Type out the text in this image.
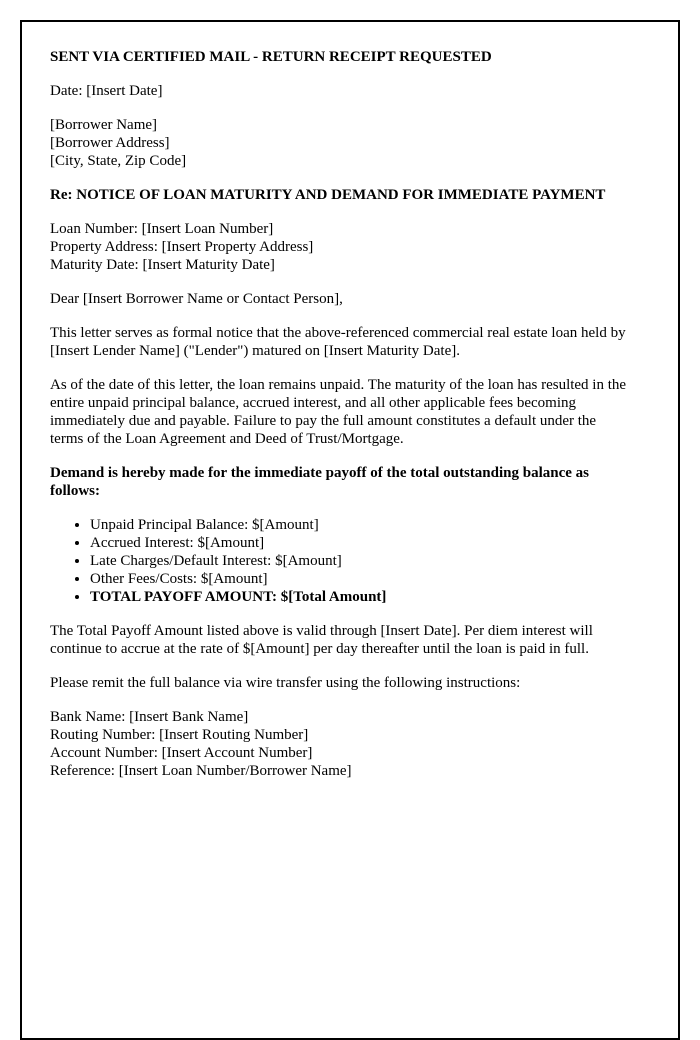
SENT VIA CERTIFIED MAIL - RETURN RECEIPT REQUESTED

Date: [Insert Date]

[Borrower Name]
[Borrower Address]
[City, State, Zip Code]

Re: NOTICE OF LOAN MATURITY AND DEMAND FOR IMMEDIATE PAYMENT

Loan Number: [Insert Loan Number]
Property Address: [Insert Property Address]
Maturity Date: [Insert Maturity Date]

Dear [Insert Borrower Name or Contact Person],

This letter serves as formal notice that the above-referenced commercial real estate loan held by [Insert Lender Name] ("Lender") matured on [Insert Maturity Date].

As of the date of this letter, the loan remains unpaid. The maturity of the loan has resulted in the entire unpaid principal balance, accrued interest, and all other applicable fees becoming immediately due and payable. Failure to pay the full amount constitutes a default under the terms of the Loan Agreement and Deed of Trust/Mortgage.

Demand is hereby made for the immediate payoff of the total outstanding balance as follows:

• Unpaid Principal Balance: $[Amount]
• Accrued Interest: $[Amount]
• Late Charges/Default Interest: $[Amount]
• Other Fees/Costs: $[Amount]
• TOTAL PAYOFF AMOUNT: $[Total Amount]

The Total Payoff Amount listed above is valid through [Insert Date]. Per diem interest will continue to accrue at the rate of $[Amount] per day thereafter until the loan is paid in full.

Please remit the full balance via wire transfer using the following instructions:

Bank Name: [Insert Bank Name]
Routing Number: [Insert Routing Number]
Account Number: [Insert Account Number]
Reference: [Insert Loan Number/Borrower Name]
